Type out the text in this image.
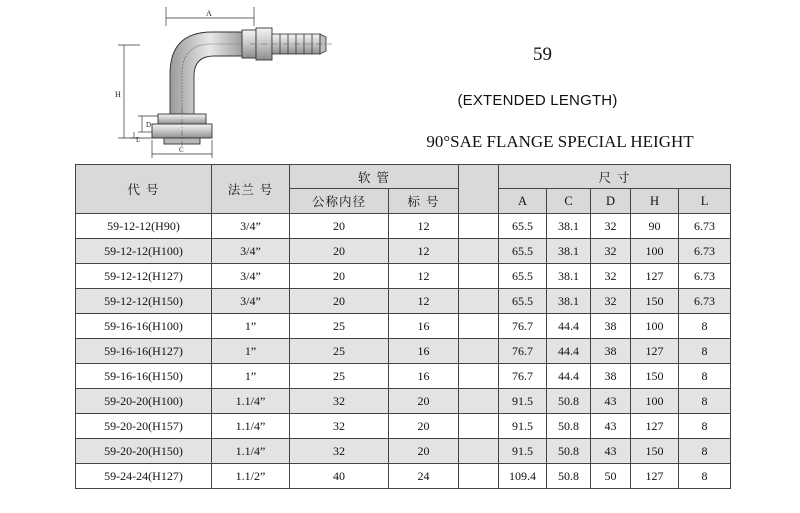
A
H
D
L
C
59
(EXTENDED LENGTH)
90°SAE FLANGE SPECIAL HEIGHT
代 号	法兰 号	软 管			尺 寸				
		公称内径	标 号		A	C	D	H	L
59-12-12(H90)	3/4”	20	12		65.5	38.1	32	90	6.73
59-12-12(H100)	3/4”	20	12		65.5	38.1	32	100	6.73
59-12-12(H127)	3/4”	20	12		65.5	38.1	32	127	6.73
59-12-12(H150)	3/4”	20	12		65.5	38.1	32	150	6.73
59-16-16(H100)	1”	25	16		76.7	44.4	38	100	8
59-16-16(H127)	1”	25	16		76.7	44.4	38	127	8
59-16-16(H150)	1”	25	16		76.7	44.4	38	150	8
59-20-20(H100)	1.1/4”	32	20		91.5	50.8	43	100	8
59-20-20(H157)	1.1/4”	32	20		91.5	50.8	43	127	8
59-20-20(H150)	1.1/4”	32	20		91.5	50.8	43	150	8
59-24-24(H127)	1.1/2”	40	24		109.4	50.8	50	127	8
